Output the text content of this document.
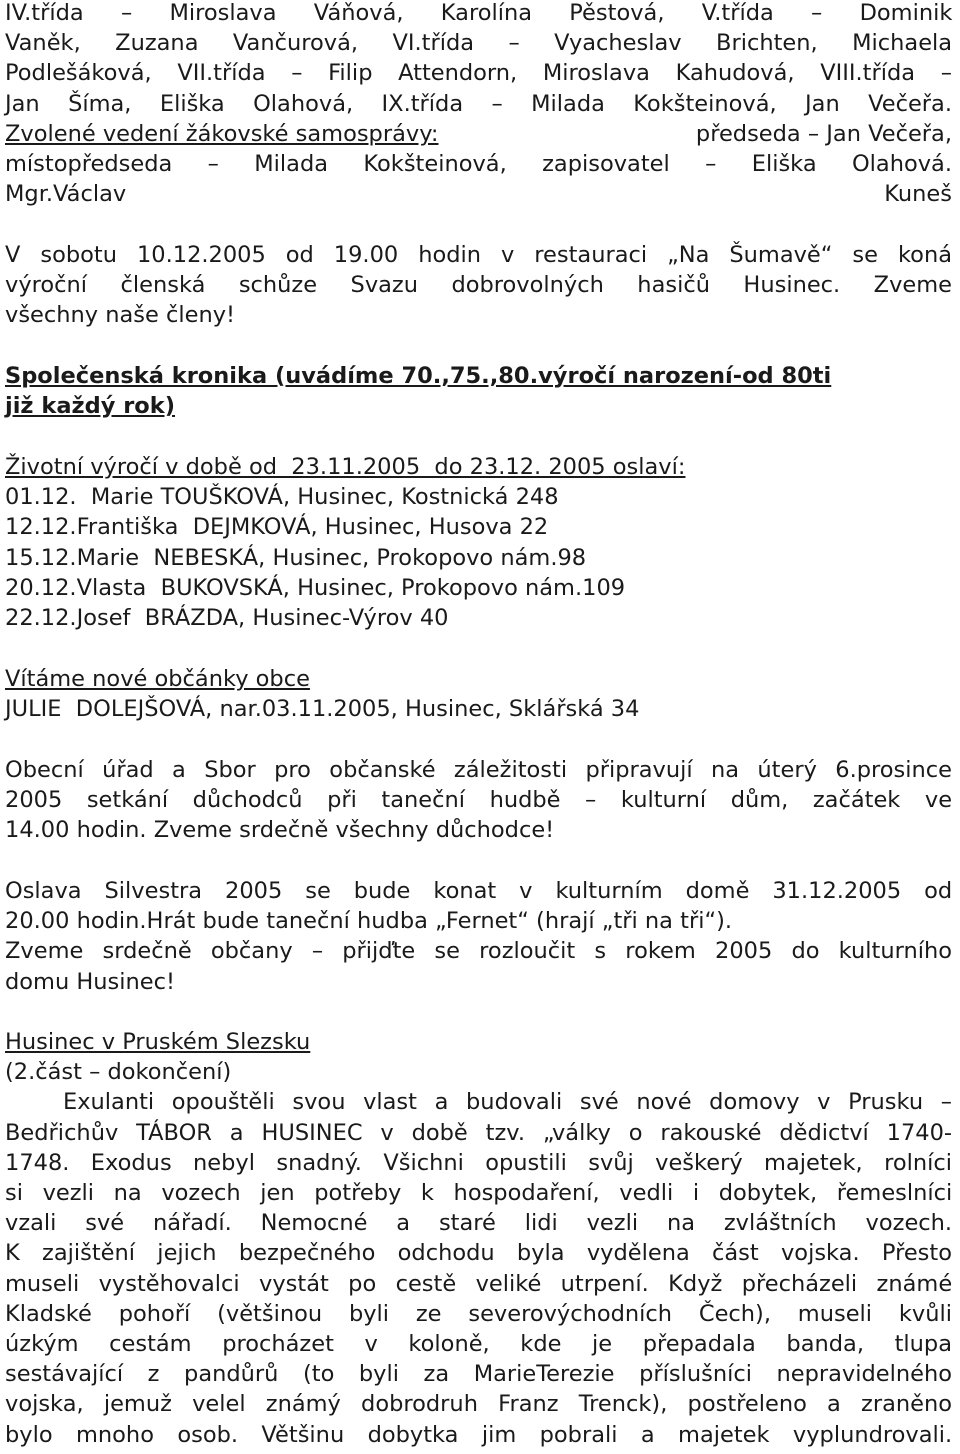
IV.třída – Miroslava Váňová, Karolína Pěstová, V.třída – Dominik
Vaněk, Zuzana Vančurová, VI.třída – Vyacheslav Brichten, Michaela
Podlešáková, VII.třída – Filip Attendorn, Miroslava Kahudová, VIII.třída –
Jan Šíma, Eliška Olahová, IX.třída – Milada Kokšteinová, Jan Večeřa.
Zvolené vedení žákovské samosprávy:	předseda – Jan Večeřa,
místopředseda – Milada Kokšteinová, zapisovatel – Eliška Olahová.
Mgr.Václav Kuneš
V sobotu 10.12.2005 od 19.00 hodin v restauraci „Na Šumavě“ se koná
výroční členská schůze Svazu dobrovolných hasičů Husinec. Zveme
všechny naše členy!
Společenská kronika (uvádíme 70.,75.,80.výročí narození-od 80ti
již každý rok)
Životní výročí v době od  23.11.2005  do 23.12. 2005 oslaví:
01.12.  Marie TOUŠKOVÁ, Husinec, Kostnická 248
12.12.Františka  DEJMKOVÁ, Husinec, Husova 22
15.12.Marie  NEBESKÁ, Husinec, Prokopovo nám.98
20.12.Vlasta  BUKOVSKÁ, Husinec, Prokopovo nám.109
22.12.Josef  BRÁZDA, Husinec-Výrov 40
Vítáme nové občánky obce
JULIE  DOLEJŠOVÁ, nar.03.11.2005, Husinec, Sklářská 34
Obecní úřad a Sbor pro občanské záležitosti připravují na úterý 6.prosince
2005 setkání důchodců při taneční hudbě – kulturní dům, začátek ve
14.00 hodin. Zveme srdečně všechny důchodce!
Oslava Silvestra 2005 se bude konat v kulturním domě 31.12.2005 od
20.00 hodin.Hrát bude taneční hudba „Fernet“ (hrají „tři na tři“).
Zveme srdečně občany – přijďte se rozloučit s rokem 2005 do kulturního
domu Husinec!
Husinec v Pruském Slezsku
(2.část – dokončení)
Exulanti opouštěli svou vlast a budovali své nové domovy v Prusku –
Bedřichův TÁBOR a HUSINEC v době tzv. „války o rakouské dědictví 1740-
1748. Exodus nebyl snadný. Všichni opustili svůj veškerý majetek, rolníci
si vezli na vozech jen potřeby k hospodaření, vedli i dobytek, řemeslníci
vzali své nářadí. Nemocné a staré lidi vezli na zvláštních vozech.
K zajištění jejich bezpečného odchodu byla vydělena část vojska. Přesto
museli vystěhovalci vystát po cestě veliké utrpení. Když přecházeli známé
Kladské pohoří (většinou byli ze severovýchodních Čech), museli kvůli
úzkým cestám procházet v koloně, kde je přepadala banda, tlupa
sestávající z pandůrů (to byli za MarieTerezie příslušníci nepravidelného
vojska, jemuž velel známý dobrodruh Franz Trenck), postřeleno a zraněno
bylo mnoho osob. Většinu dobytka jim pobrali a majetek vyplundrovali.
